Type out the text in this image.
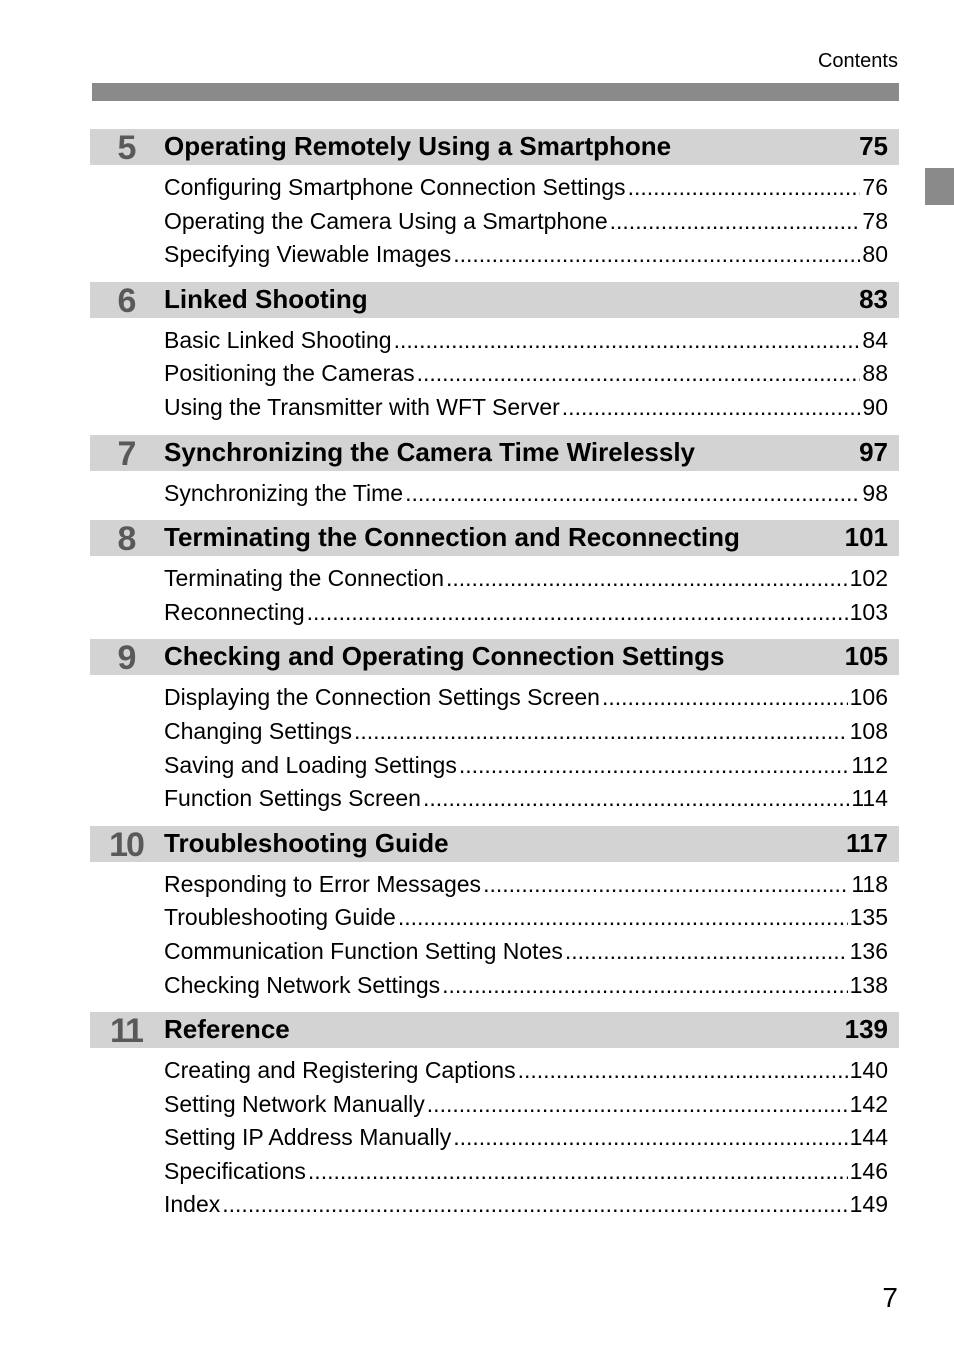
Contents
5	Operating Remotely Using a Smartphone	75
Configuring Smartphone Connection Settings .....	76
Operating the Camera Using a Smartphone .....	78
Specifying Viewable Images .....	80
6	Linked Shooting	83
Basic Linked Shooting .....	84
Positioning the Cameras .....	88
Using the Transmitter with WFT Server .....	90
7	Synchronizing the Camera Time Wirelessly	97
Synchronizing the Time .....	98
8	Terminating the Connection and Reconnecting	101
Terminating the Connection .....	102
Reconnecting .....	103
9	Checking and Operating Connection Settings	105
Displaying the Connection Settings Screen .....	106
Changing Settings .....	108
Saving and Loading Settings .....	112
Function Settings Screen .....	114
10 Troubleshooting Guide	117
Responding to Error Messages .....	118
Troubleshooting Guide .....	135
Communication Function Setting Notes .....	136
Checking Network Settings .....	138
11 Reference	139
Creating and Registering Captions .....	140
Setting Network Manually .....	142
Setting IP Address Manually .....	144
Specifications .....	146
Index .....	149
7
